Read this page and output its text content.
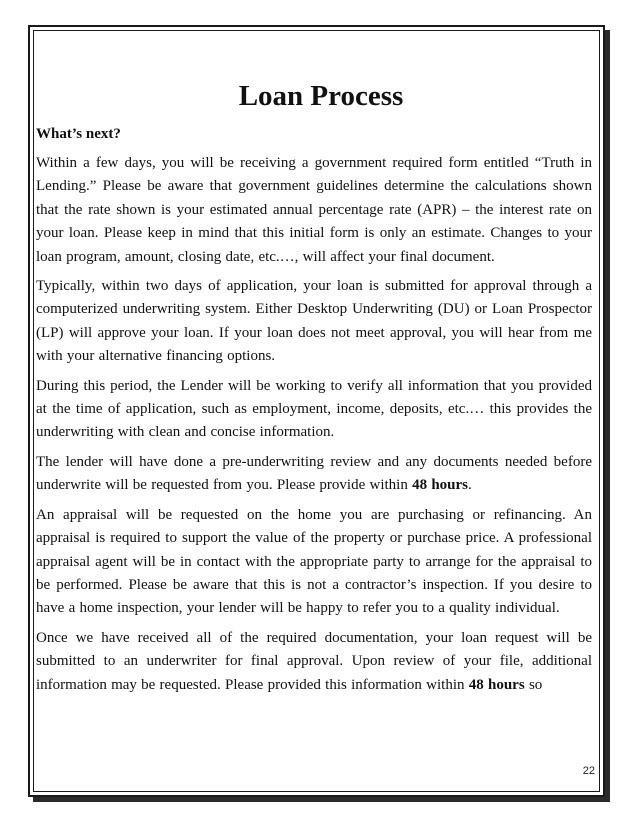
Loan Process
What’s next?

Within a few days, you will be receiving a government required form entitled “Truth in Lending.” Please be aware that government guidelines determine the calculations shown that the rate shown is your estimated annual percentage rate (APR) – the interest rate on your loan. Please keep in mind that this initial form is only an estimate. Changes to your loan program, amount, closing date, etc.…, will affect your final document.

Typically, within two days of application, your loan is submitted for approval through a computerized underwriting system. Either Desktop Underwriting (DU) or Loan Prospector (LP) will approve your loan. If your loan does not meet approval, you will hear from me with your alternative financing options.

During this period, the Lender will be working to verify all information that you provided at the time of application, such as employment, income, deposits, etc.… this provides the underwriting with clean and concise information.

The lender will have done a pre-underwriting review and any documents needed before underwrite will be requested from you. Please provide within 48 hours.

An appraisal will be requested on the home you are purchasing or refinancing. An appraisal is required to support the value of the property or purchase price. A professional appraisal agent will be in contact with the appropriate party to arrange for the appraisal to be performed. Please be aware that this is not a contractor’s inspection. If you desire to have a home inspection, your lender will be happy to refer you to a quality individual.

Once we have received all of the required documentation, your loan request will be submitted to an underwriter for final approval. Upon review of your file, additional information may be requested. Please provided this information within 48 hours so

22
